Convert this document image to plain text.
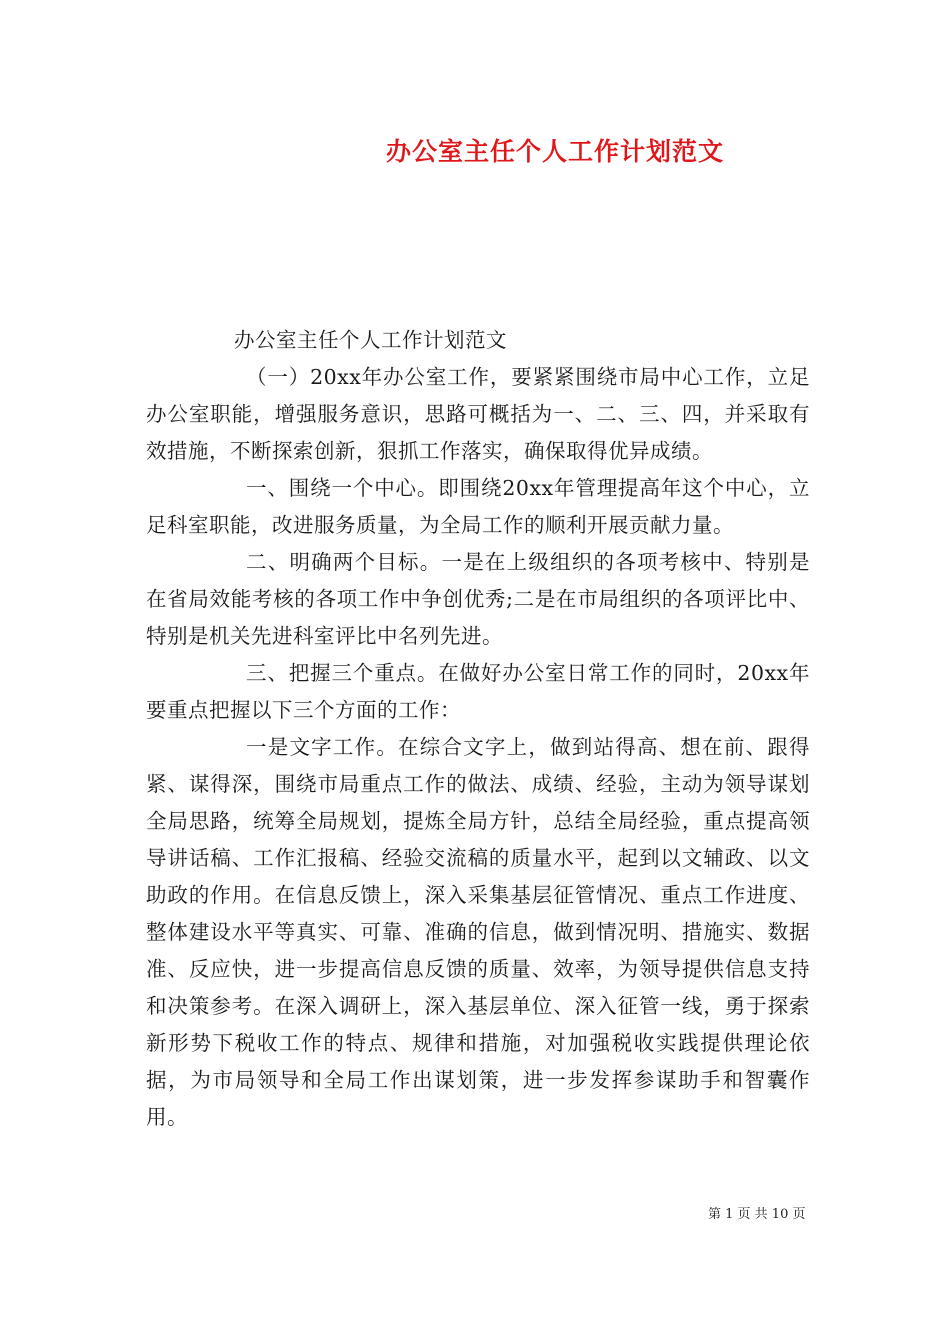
办公室主任个人工作计划范文

办公室主任个人工作计划范文

（一）20xx年办公室工作，要紧紧围绕市局中心工作，立足办公室职能，增强服务意识，思路可概括为一、二、三、四，并采取有效措施，不断探索创新，狠抓工作落实，确保取得优异成绩。

一、围绕一个中心。即围绕20xx年管理提高年这个中心，立足科室职能，改进服务质量，为全局工作的顺利开展贡献力量。

二、明确两个目标。一是在上级组织的各项考核中、特别是在省局效能考核的各项工作中争创优秀;二是在市局组织的各项评比中、特别是机关先进科室评比中名列先进。

三、把握三个重点。在做好办公室日常工作的同时，20xx年要重点把握以下三个方面的工作：

一是文字工作。在综合文字上，做到站得高、想在前、跟得紧、谋得深，围绕市局重点工作的做法、成绩、经验，主动为领导谋划全局思路，统筹全局规划，提炼全局方针，总结全局经验，重点提高领导讲话稿、工作汇报稿、经验交流稿的质量水平，起到以文辅政、以文助政的作用。在信息反馈上，深入采集基层征管情况、重点工作进度、整体建设水平等真实、可靠、准确的信息，做到情况明、措施实、数据准、反应快，进一步提高信息反馈的质量、效率，为领导提供信息支持和决策参考。在深入调研上，深入基层单位、深入征管一线，勇于探索新形势下税收工作的特点、规律和措施，对加强税收实践提供理论依据，为市局领导和全局工作出谋划策，进一步发挥参谋助手和智囊作用。

第 1 页 共 10 页
